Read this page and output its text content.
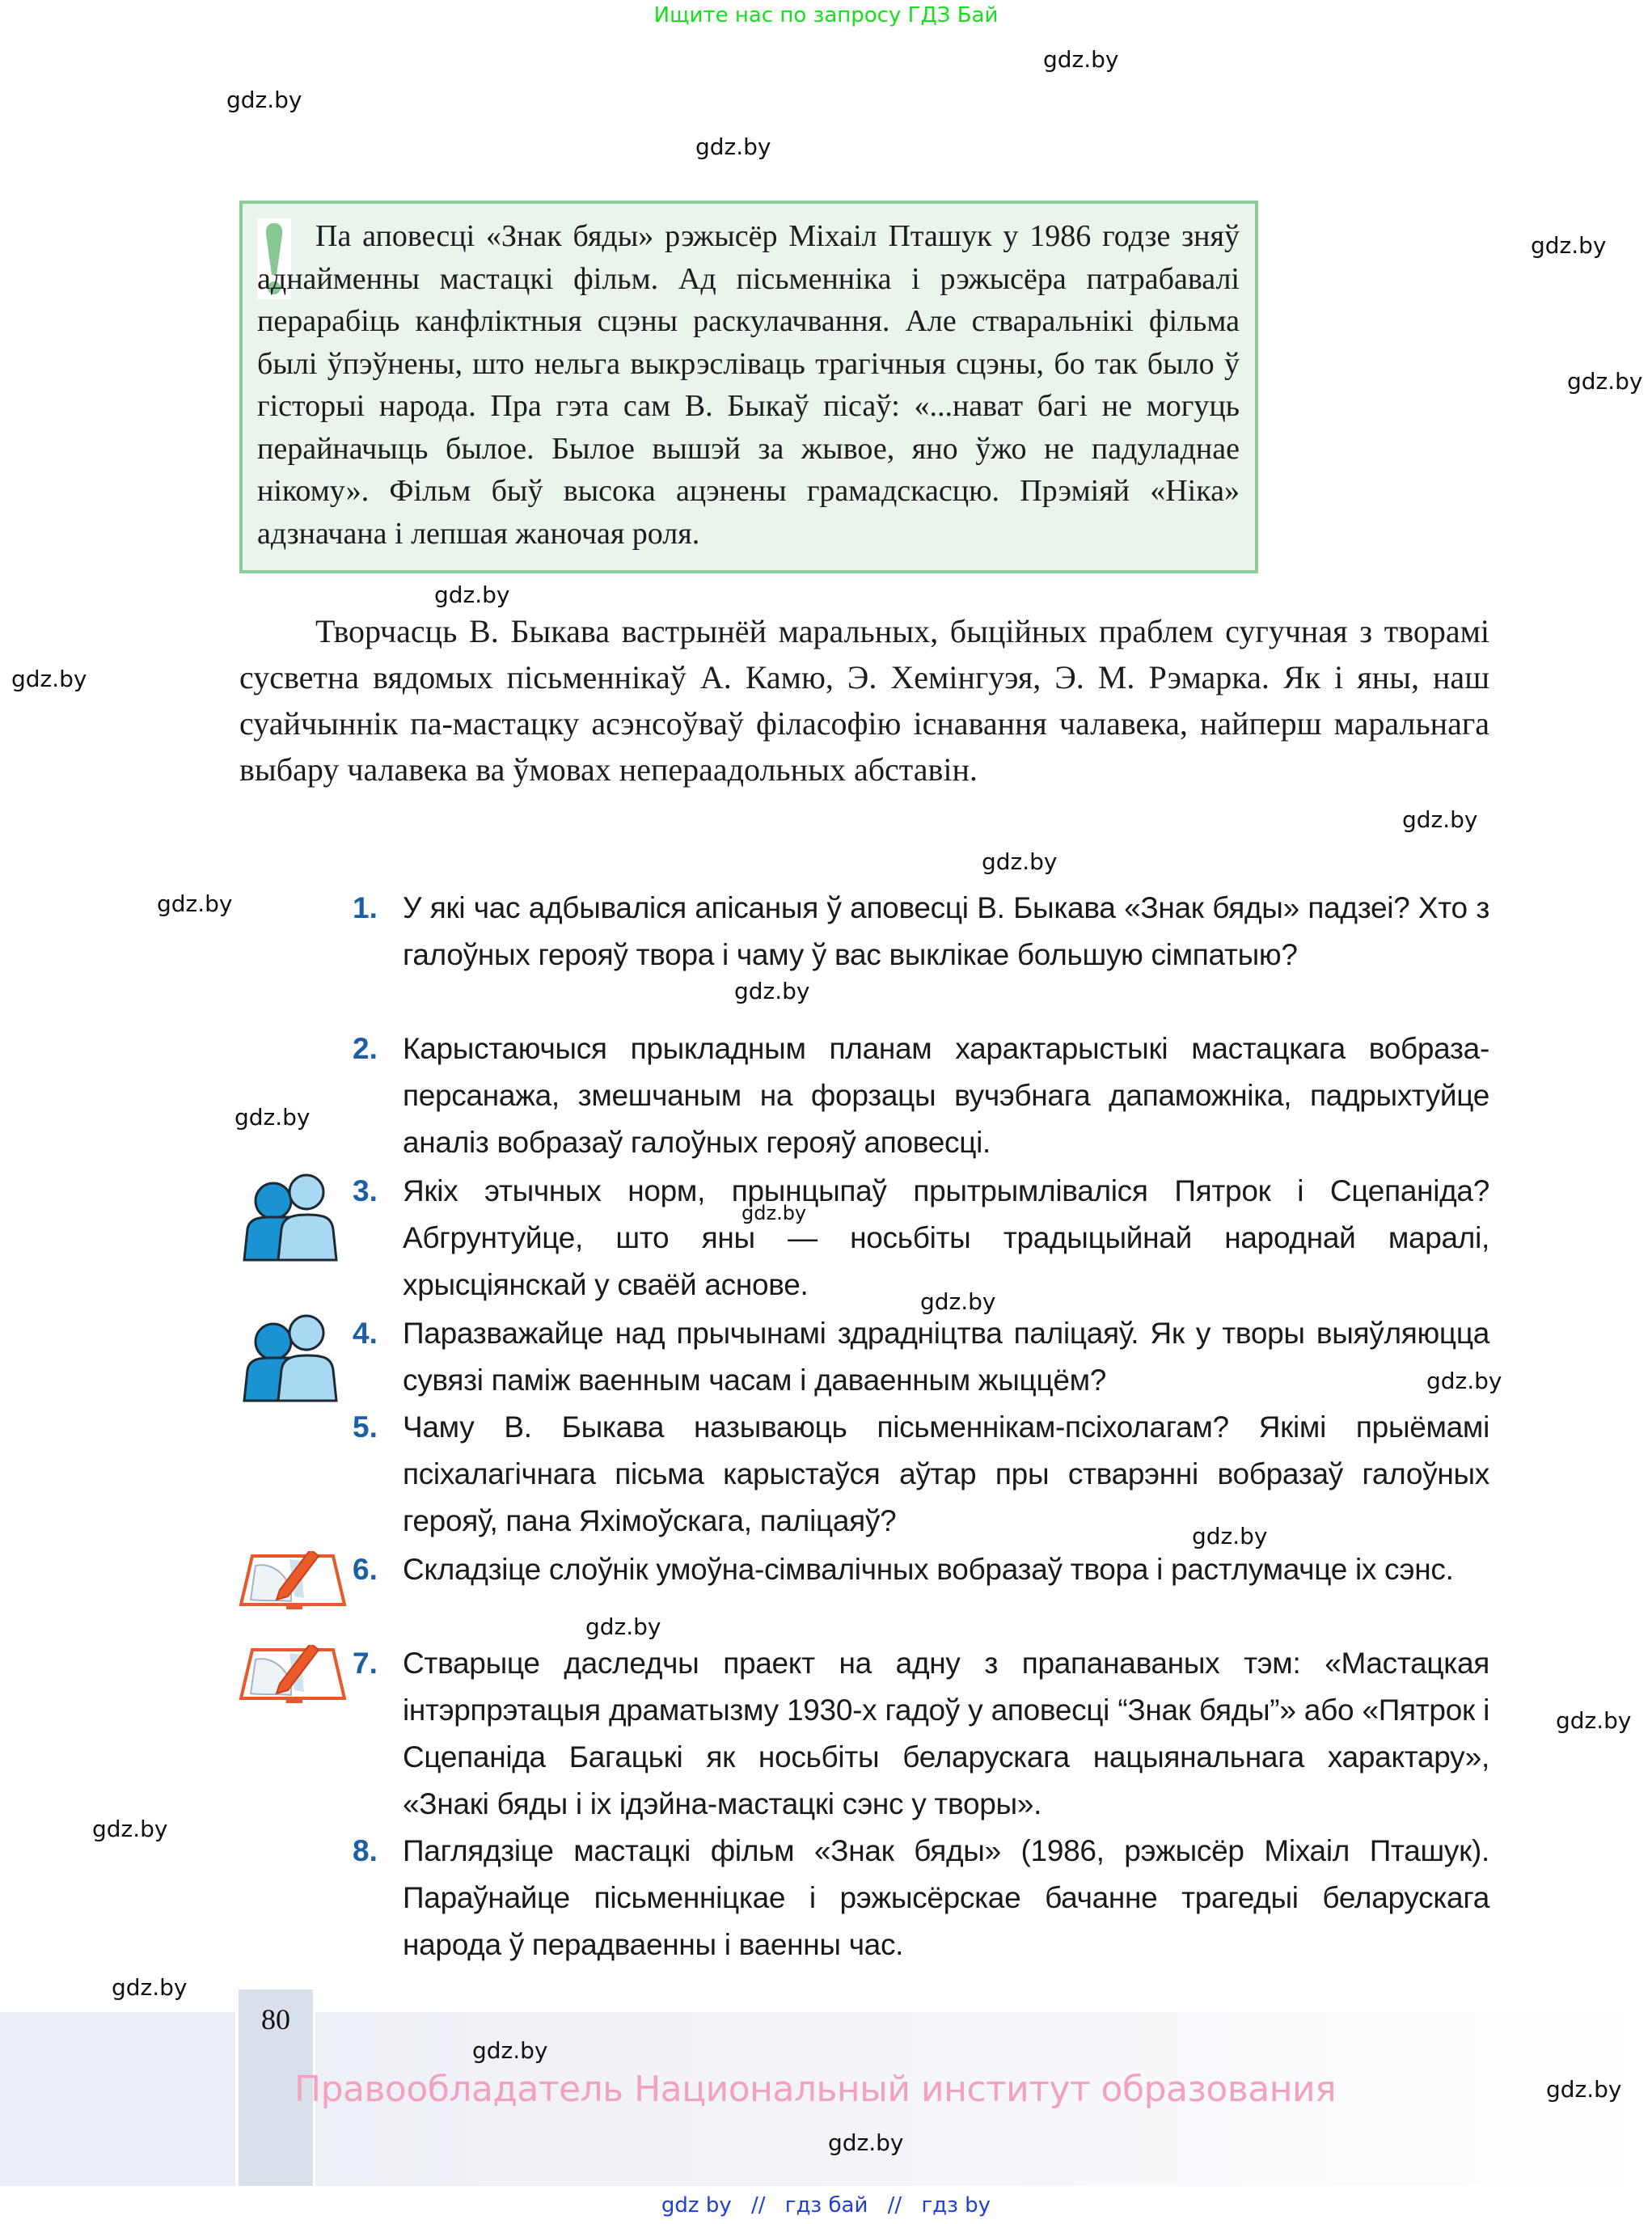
Ищите нас по запросу ГДЗ Бай
gdz.by
gdz.by
gdz.by
gdz.by
gdz.by
gdz.by
gdz.by
gdz.by
gdz.by
gdz.by
gdz.by
gdz.by
gdz.by
gdz.by
gdz.by
gdz.by
gdz.by
gdz.by
gdz.by
gdz.by
Па аповесці «Знак бяды» рэжысёр Міхаіл Пташук у 1986 годзе зняў аднайменны мастацкі фільм. Ад пісьменніка і рэжысёра патрабавалі перарабіць канфліктныя сцэны раскулачвання. Але стваральнікі фільма былі ўпэўнены, што нельга выкрэсліваць трагічныя сцэны, бо так было ў гісторыі народа. Пра гэта сам В. Быкаў пісаў: «...нават багі не могуць перайначыць былое. Былое вышэй за жывое, яно ўжо не падуладнае нікому». Фільм быў высока ацэнены грамадскасцю. Прэміяй «Ніка» адзначана і лепшая жаночая роля.
Творчасць В. Быкава вастрынёй маральных, быційных праблем сугучная з творамі сусветна вядомых пісьменнікаў А. Камю, Э. Хемінгуэя, Э. М. Рэмарка. Як і яны, наш суайчыннік па-мастацку асэнсоўваў філасофію існавання чалавека, найперш маральнага выбару чалавека ва ўмовах неперaадольных абставін.
1. У які час адбываліся апісаныя ў аповесці В. Быкава «Знак бяды» падзеі? Хто з галоўных герояў твора і чаму ў вас выклікае большую сімпатыю?
2. Карыстаючыся прыкладным планам характарыстыкі мастацкага вобраза-персанажа, змешчаным на форзацы вучэбнага дапаможніка, падрыхтуйце аналіз вобразаў галоўных герояў аповесці.
3. Якіх этычных норм, прынцыпаў прытрымліваліся Пятрок і Сцепаніда? Абгрунтуйце, што яны — носьбіты традыцыйнай народнай маралі, хрысціянскай у сваёй аснове.
4. Паразважайце над прычынамі здрадніцтва паліцаяў. Як у творы выяўляюцца сувязі паміж ваенным часам і даваенным жыццём?
5. Чаму В. Быкава называюць пісьменнікам-псіхолагам? Якімі прыёмамі псіхалагічнага пісьма карыстаўся аўтар пры стварэнні вобразаў галоўных герояў, пана Яхімоўскага, паліцаяў?
6. Складзіце слоўнік умоўна-сімвалічных вобразаў твора і растлумачце іх сэнс.
7. Стварыце даследчы праект на адну з прапанаваных тэм: «Мастацкая інтэрпрэтацыя драматызму 1930-х гадоў у аповесці “Знак бяды”» або «Пятрок і Сцепаніда Багацькі як носьбіты беларускага нацыянальнага характару», «Знакі бяды і іх ідэйна-мастацкі сэнс у творы».
8. Паглядзіце мастацкі фільм «Знак бяды» (1986, рэжысёр Міхаіл Пташук). Параўнайце пісьменніцкае і рэжысёрскае бачанне трагедыі беларускага народа ў перадваенны і ваенны час.
80
gdz.by
Правообладатель Национальный институт образования	gdz.by
gdz.by
gdz by // гдз бай // гдз by
